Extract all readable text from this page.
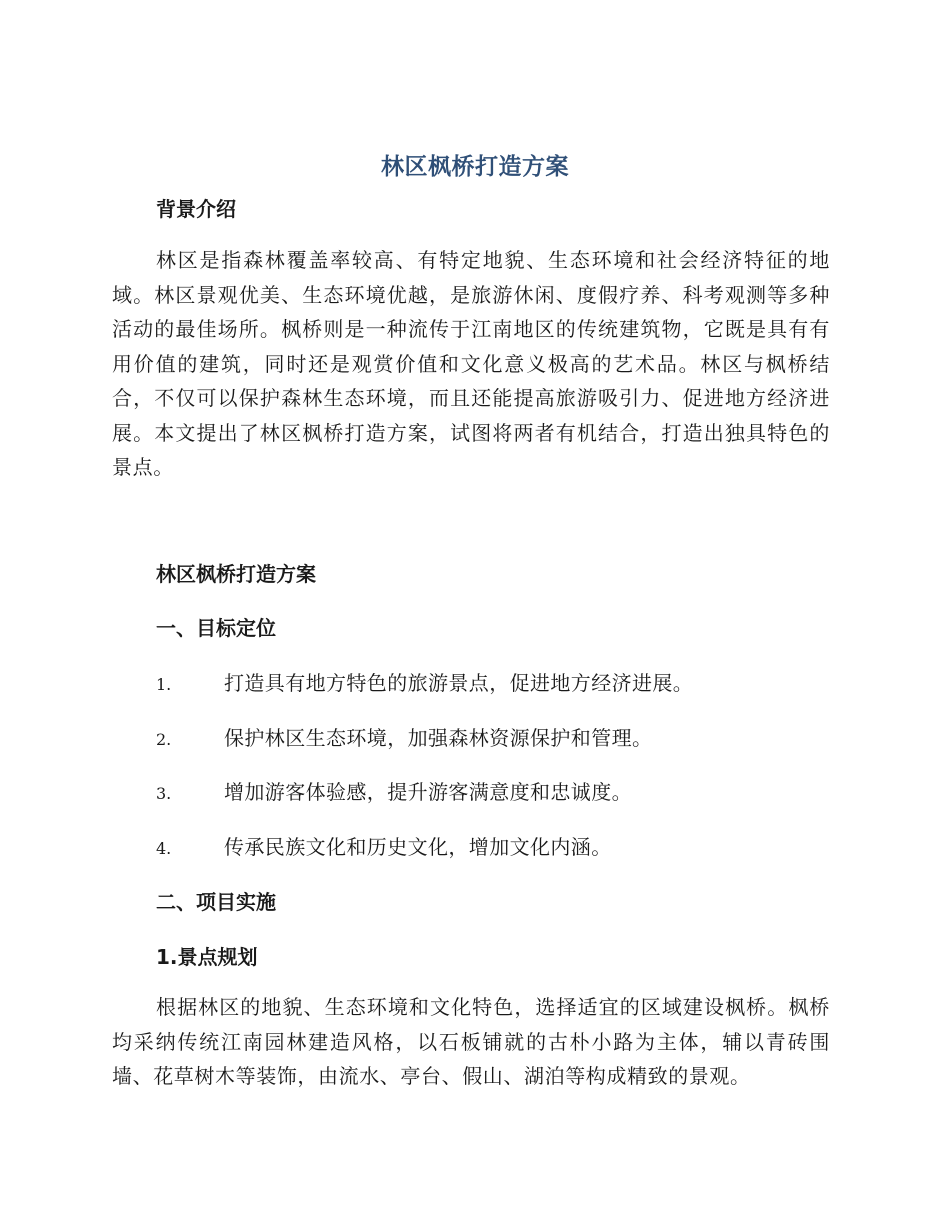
林区枫桥打造方案
背景介绍

林区是指森林覆盖率较高、有特定地貌、生态环境和社会经济特征的地域。林区景观优美、生态环境优越，是旅游休闲、度假疗养、科考观测等多种活动的最佳场所。枫桥则是一种流传于江南地区的传统建筑物，它既是具有有用价值的建筑，同时还是观赏价值和文化意义极高的艺术品。林区与枫桥结合，不仅可以保护森林生态环境，而且还能提高旅游吸引力、促进地方经济进展。本文提出了林区枫桥打造方案，试图将两者有机结合，打造出独具特色的景点。

林区枫桥打造方案
一、目标定位
1.	打造具有地方特色的旅游景点，促进地方经济进展。
2.	保护林区生态环境，加强森林资源保护和管理。
3.	增加游客体验感，提升游客满意度和忠诚度。
4.	传承民族文化和历史文化，增加文化内涵。
二、项目实施
1.景点规划

根据林区的地貌、生态环境和文化特色，选择适宜的区域建设枫桥。枫桥均采纳传统江南园林建造风格，以石板铺就的古朴小路为主体，辅以青砖围墙、花草树木等装饰，由流水、亭台、假山、湖泊等构成精致的景观。
